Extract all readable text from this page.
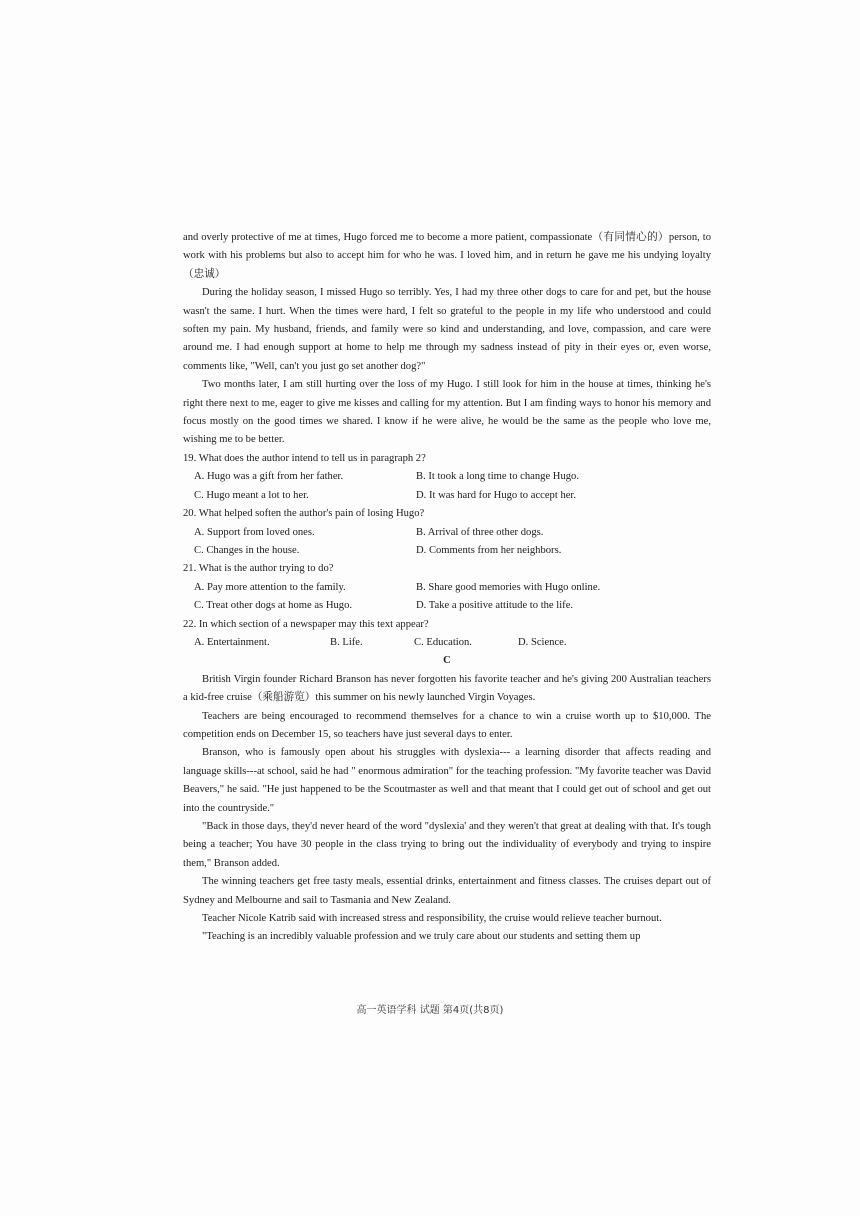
and overly protective of me at times, Hugo forced me to become a more patient, compassionate（有同情心的）person, to work with his problems but also to accept him for who he was. I loved him, and in return he gave me his undying loyalty（忠诚）

During the holiday season, I missed Hugo so terribly. Yes, I had my three other dogs to care for and pet, but the house wasn't the same. I hurt. When the times were hard, I felt so grateful to the people in my life who understood and could soften my pain. My husband, friends, and family were so kind and understanding, and love, compassion, and care were around me. I had enough support at home to help me through my sadness instead of pity in their eyes or, even worse, comments like, "Well, can't you just go set another dog?"

Two months later, I am still hurting over the loss of my Hugo. I still look for him in the house at times, thinking he's right there next to me, eager to give me kisses and calling for my attention. But I am finding ways to honor his memory and focus mostly on the good times we shared. I know if he were alive, he would be the same as the people who love me, wishing me to be better.

19. What does the author intend to tell us in paragraph 2?

A. Hugo was a gift from her father.	B. It took a long time to change Hugo.
C. Hugo meant a lot to her.	D. It was hard for Hugo to accept her.

20. What helped soften the author's pain of losing Hugo?

A. Support from loved ones.	B. Arrival of three other dogs.
C. Changes in the house.	D. Comments from her neighbors.

21. What is the author trying to do?

A. Pay more attention to the family.	B. Share good memories with Hugo online.
C. Treat other dogs at home as Hugo.	D. Take a positive attitude to the life.

22. In which section of a newspaper may this text appear?

A. Entertainment.	B. Life.	C. Education.	D. Science.

C

British Virgin founder Richard Branson has never forgotten his favorite teacher and he's giving 200 Australian teachers a kid-free cruise（乘船游览）this summer on his newly launched Virgin Voyages.

Teachers are being encouraged to recommend themselves for a chance to win a cruise worth up to $10,000. The competition ends on December 15, so teachers have just several days to enter.

Branson, who is famously open about his struggles with dyslexia--- a learning disorder that affects reading and language skills---at school, said he had " enormous admiration" for the teaching profession. "My favorite teacher was David Beavers," he said. "He just happened to be the Scoutmaster as well and that meant that I could get out of school and get out into the countryside."

"Back in those days, they'd never heard of the word "dyslexia' and they weren't that great at dealing with that. It's tough being a teacher; You have 30 people in the class trying to bring out the individuality of everybody and trying to inspire them," Branson added.

The winning teachers get free tasty meals, essential drinks, entertainment and fitness classes. The cruises depart out of Sydney and Melbourne and sail to Tasmania and New Zealand.

Teacher Nicole Katrib said with increased stress and responsibility, the cruise would relieve teacher burnout.

"Teaching is an incredibly valuable profession and we truly care about our students and setting them up

高一英语学科 试题 第4页(共8页)
